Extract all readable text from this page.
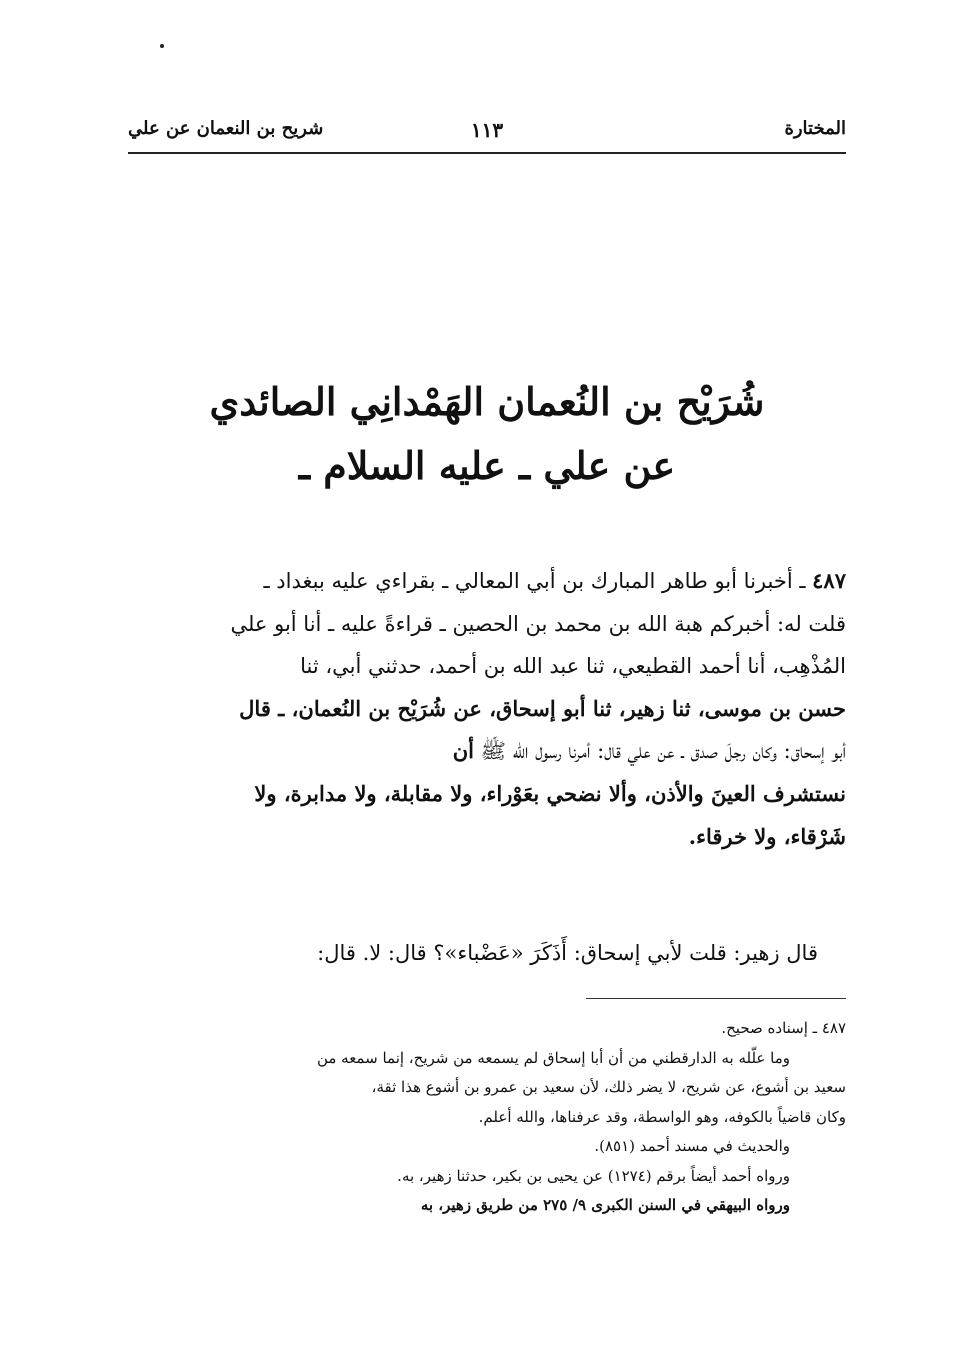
المختارة
١١٣
شريح بن النعمان عن علي
شُرَيْح بن النُعمان الهَمْدانِي الصائدي
عن علي ـ عليه السلام ـ

٤٨٧ ـ أخبرنا أبو طاهر المبارك بن أبي المعالي ـ بقراءي عليه ببغداد ـ

قلت له: أخبركم هبة الله بن محمد بن الحصين ـ قراءةً عليه ـ أنا أبو علي

المُذْهِب، أنا أحمد القطيعي، ثنا عبد الله بن أحمد، حدثني أبي، ثنا

حسن بن موسى، ثنا زهير، ثنا أبو إسحاق، عن شُرَيْح بن النُعمان، ـ قال

أبو إسحاق: وكان رجلَ صدق ـ عن علي قال: أمرنا رسول الله ﷺ أن

نستشرف العينَ والأذن، وألا نضحي بعَوْراء، ولا مقابلة، ولا مدابرة، ولا

شَرْقاء، ولا خرقاء.

قال زهير: قلت لأبي إسحاق: أَذَكَرَ «عَضْباء»؟ قال: لا. قال:
٤٨٧ ـ إسناده صحيح.
وما علّله به الدارقطني من أن أبا إسحاق لم يسمعه من شريح، إنما سمعه من
سعيد بن أشوع، عن شريح، لا يضر ذلك، لأن سعيد بن عمرو بن أشوع هذا ثقة،
وكان قاضياً بالكوفه، وهو الواسطة، وقد عرفناها، والله أعلم.
والحديث في مسند أحمد (٨٥١).
ورواه أحمد أيضاً برقم (١٢٧٤) عن يحيى بن بكير، حدثنا زهير، به.
ورواه البيهقي في السنن الكبرى ٩/ ٢٧٥ من طريق زهير، به
